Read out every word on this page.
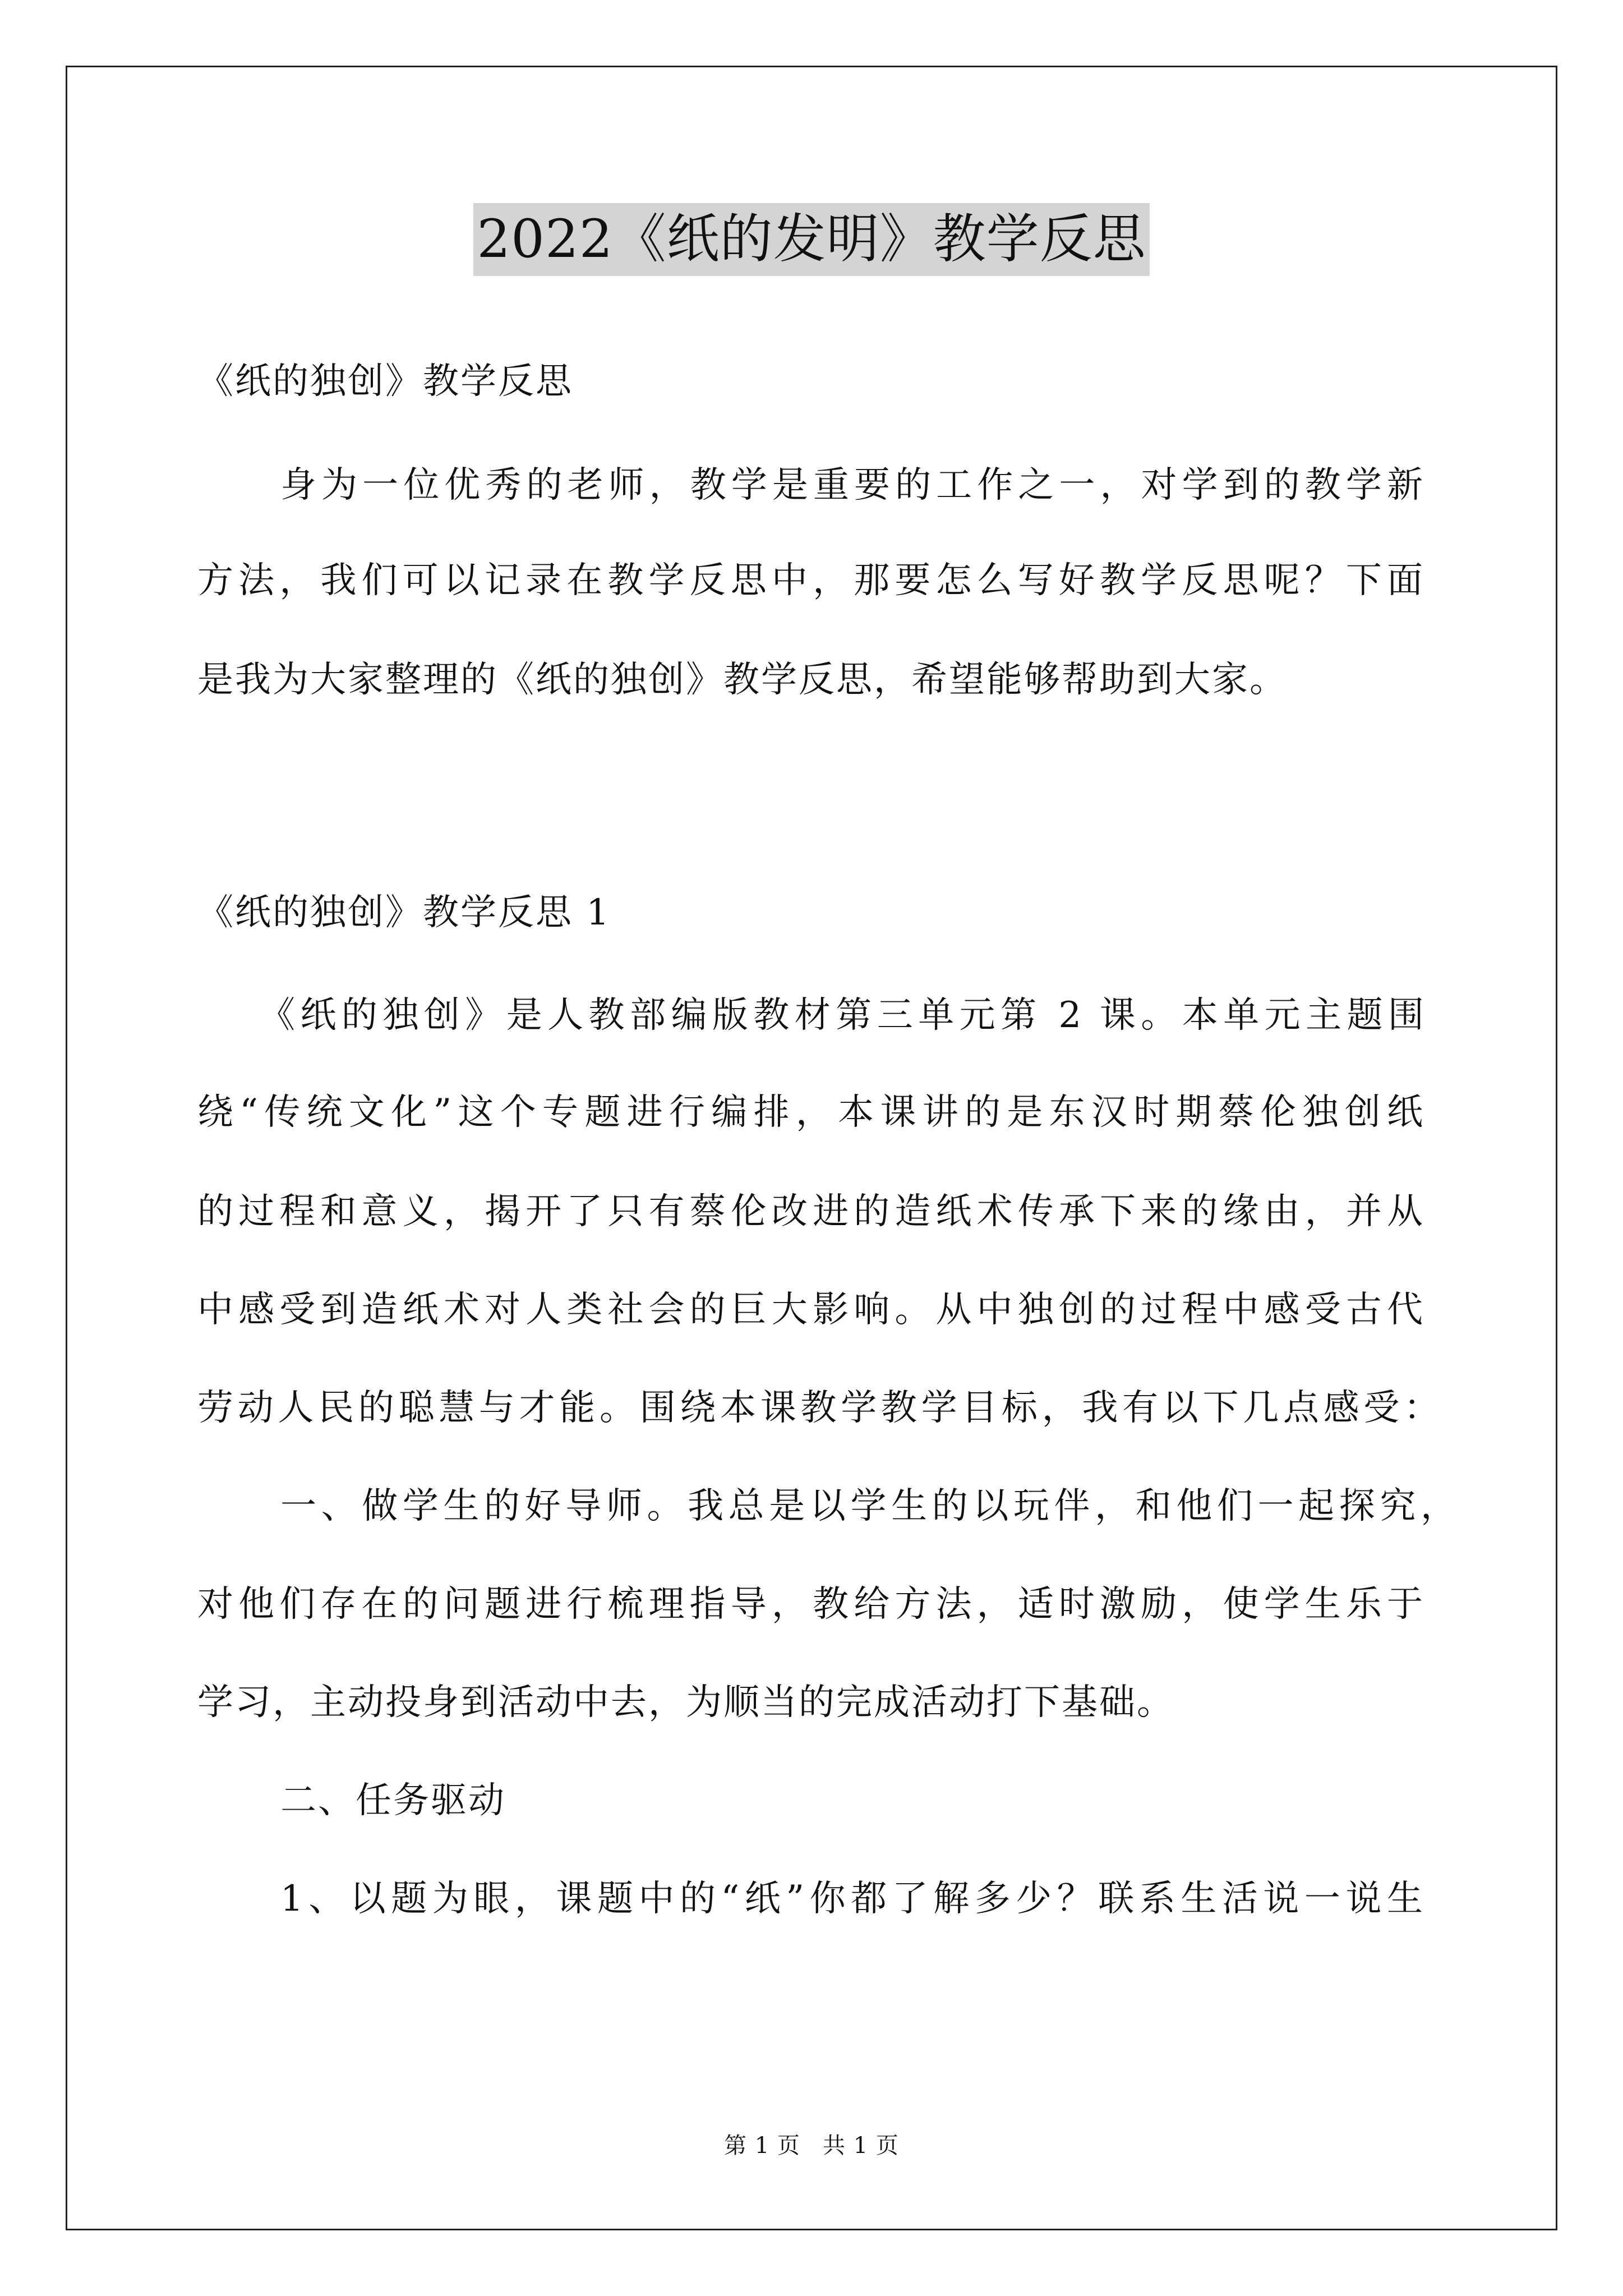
2022《纸的发明》教学反思
《纸的独创》教学反思
身为一位优秀的老师，教学是重要的工作之一，对学到的教学新
方法，我们可以记录在教学反思中，那要怎么写好教学反思呢？下面
是我为大家整理的《纸的独创》教学反思，希望能够帮助到大家。
《纸的独创》教学反思 1
《纸的独创》是人教部编版教材第三单元第 2 课。本单元主题围
绕“传统文化”这个专题进行编排，本课讲的是东汉时期蔡伦独创纸
的过程和意义，揭开了只有蔡伦改进的造纸术传承下来的缘由，并从
中感受到造纸术对人类社会的巨大影响。从中独创的过程中感受古代
劳动人民的聪慧与才能。围绕本课教学教学目标，我有以下几点感受：
一、做学生的好导师。我总是以学生的以玩伴，和他们一起探究，
对他们存在的问题进行梳理指导，教给方法，适时激励，使学生乐于
学习，主动投身到活动中去，为顺当的完成活动打下基础。
二、任务驱动
1、以题为眼，课题中的“纸”你都了解多少？联系生活说一说生
第 1 页 共 1 页
